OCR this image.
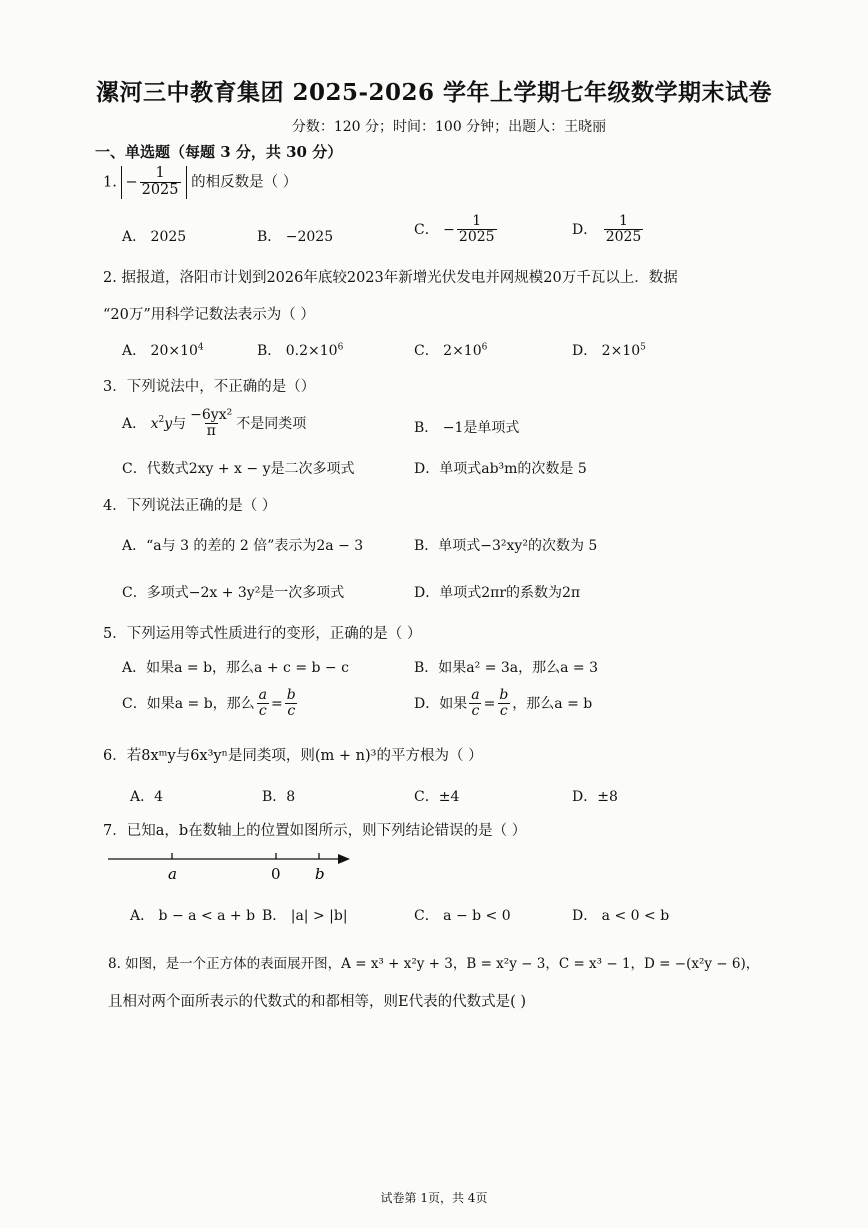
漯河三中教育集团 2025-2026 学年上学期七年级数学期末试卷
分数：120 分；时间：100 分钟；出题人：王晓丽
一、单选题（每题 3 分，共 30 分）
1. − $\frac{1}{2025}$ 的相反数是（ ）
A． 2025	B． −2025	C． − $\frac{1}{2025}$	D． $\frac{1}{2025}$
2. 据报道，洛阳市计划到2026年底较2023年新增光伏发电并网规模20万千瓦以上．数据
“20万”用科学记数法表示为（ ）
A． $20\times 10^4$	B． $0.2\times 10^6$	C． $2\times 10^6$	D． $2\times 10^5$
3．下列说法中，不正确的是（）
A． $x^2y$与 $\frac{\text{−6yx²}}{\pi}$ 不是同类项	B． −1是单项式
C．代数式2xy + x − y是二次多项式	D．单项式ab³m的次数是 5
4．下列说法正确的是（ ）
A．“a与 3 的差的 2 倍”表示为2a − 3	B．单项式−3²xy²的次数为 5
C．多项式−2x + 3y²是一次多项式	D．单项式2πr的系数为2π
5．下列运用等式性质进行的变形，正确的是（ ）
A．如果a = b，那么a + c = b − c	B．如果a² = 3a，那么a = 3
C．如果a = b，那么 $\frac{a}{c} = \frac{b}{c}$	D．如果 $\frac{a}{c} = \frac{b}{c}$ ，那么a = b
6．若8xᵐy与6x³yⁿ是同类项，则(m + n)³的平方根为（ ）
A．4	B．8	C．±4	D．±8
7．已知a，b在数轴上的位置如图所示，则下列结论错误的是（ ）
a	0 b
A． b − a < a + b B． |a| > |b|	C． a − b < 0	D． a < 0 < b
8. 如图，是一个正方体的表面展开图，A = x³ + x²y + 3，B = x²y − 3，C = x³ − 1，D = −(x²y − 6)，
且相对两个面所表示的代数式的和都相等，则E代表的代数式是( )
试卷第 1页，共 4页
